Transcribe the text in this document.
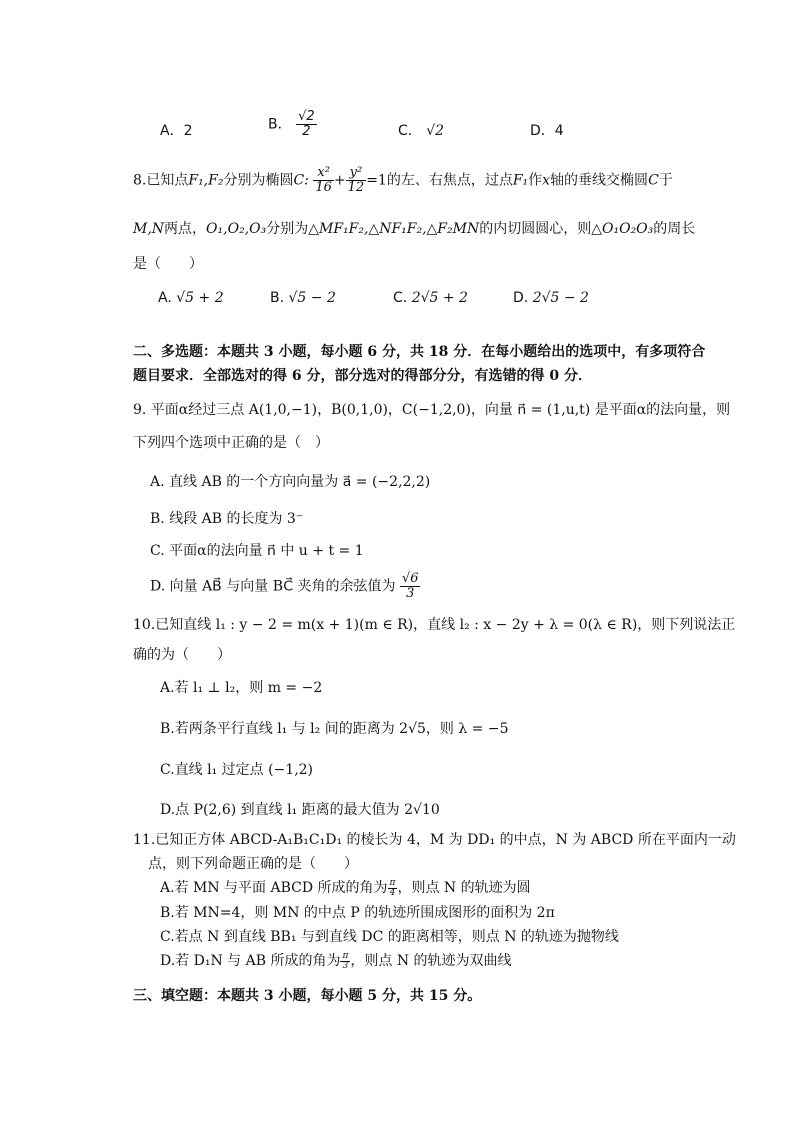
A．2	B． $\frac{√2}{2}$	C． √2	D．4
8.已知点F₁,F₂分别为椭圆C: $\frac{\text{x²}}{16} + \frac{\text{y²}}{12} =1$的左、右焦点，过点F₁作x轴的垂线交椭圆C于
M,N两点，O₁,O₂,O₃分别为△MF₁F₂,△NF₁F₂,△F₂MN的内切圆圆心，则△O₁O₂O₃的周长
是（　　）
A. √5 + 2	B. √5 − 2	C. 2√5 + 2	D. 2√5 − 2
二、多选题：本题共 3 小题，每小题 6 分，共 18 分．在每小题给出的选项中，有多项符合
题目要求．全部选对的得 6 分，部分选对的得部分分，有选错的得 0 分．
9. 平面α经过三点 A(1,0,−1)，B(0,1,0)，C(−1,2,0)，向量 n⃗ = (1,u,t) 是平面α的法向量，则
下列四个选项中正确的是（　）
A. 直线 AB 的一个方向向量为 a⃗ = (−2,2,2)
B. 线段 AB 的长度为 3⁻
C. 平面α的法向量 n⃗ 中 u + t = 1
D. 向量 AB⃗ 与向量 BC⃗ 夹角的余弦值为 $\frac{√6}{3}$
10.已知直线 l₁ : y − 2 = m(x + 1)(m ∈ R)，直线 l₂ : x − 2y + λ = 0(λ ∈ R)，则下列说法正
确的为（　　）
A.若 l₁ ⊥ l₂，则 m = −2
B.若两条平行直线 l₁ 与 l₂ 间的距离为 2√5，则 λ = −5
C.直线 l₁ 过定点 (−1,2)
D.点 P(2,6) 到直线 l₁ 距离的最大值为 2√10
11.已知正方体 ABCD-A₁B₁C₁D₁ 的棱长为 4，M 为 DD₁ 的中点，N 为 ABCD 所在平面内一动
点，则下列命题正确的是（　　）
A.若 MN 与平面 ABCD 所成的角为 $\frac{\pi}{4}$ ，则点 N 的轨迹为圆
B.若 MN=4，则 MN 的中点 P 的轨迹所围成图形的面积为 2π
C.若点 N 到直线 BB₁ 与到直线 DC 的距离相等，则点 N 的轨迹为抛物线
D.若 D₁N 与 AB 所成的角为 $\frac{\pi}{3}$ ，则点 N 的轨迹为双曲线
三、填空题：本题共 3 小题，每小题 5 分，共 15 分。
